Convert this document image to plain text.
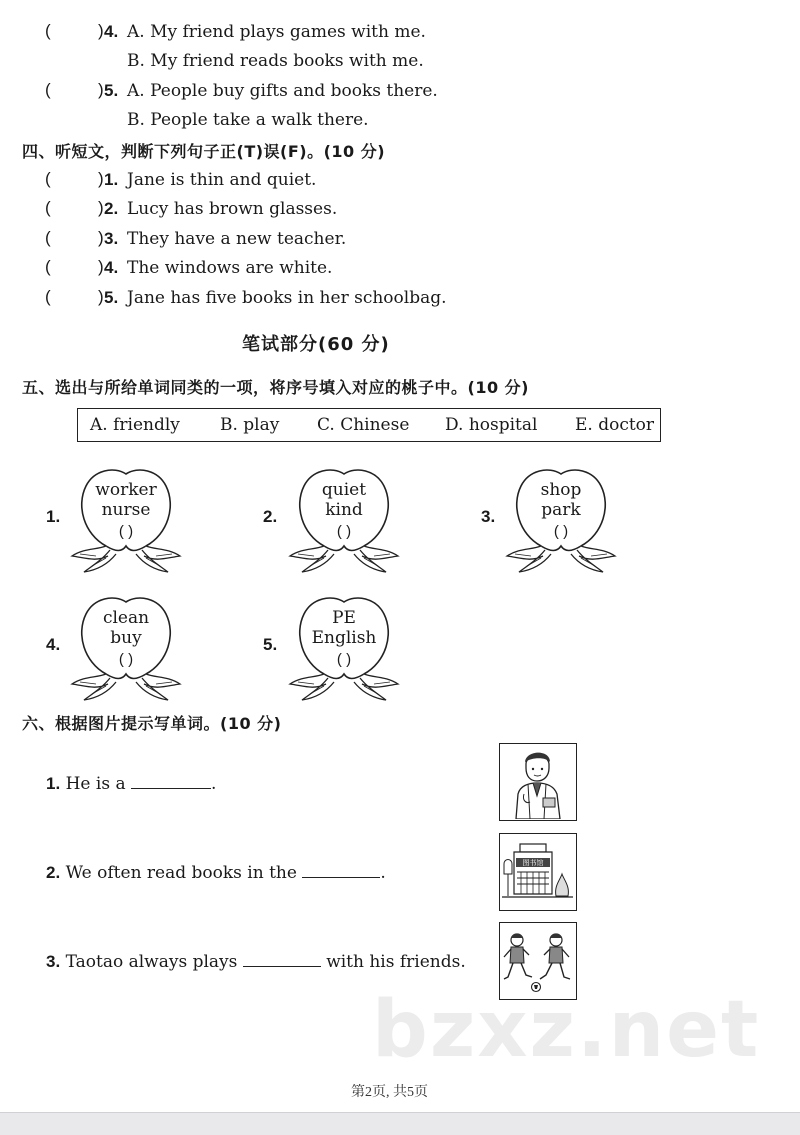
(	) 4. A. My friend plays games with me.
B. My friend reads books with me.
(	) 5. A. People buy gifts and books there.
B. People take a walk there.
四、听短文，判断下列句子正(T)误(F)。(10 分)
(	) 1. Jane is thin and quiet.
(	) 2. Lucy has brown glasses.
(	) 3. They have a new teacher.
(	) 4. The windows are white.
(	) 5. Jane has five books in her schoolbag.
笔试部分(60 分)
五、选出与所给单词同类的一项，将序号填入对应的桃子中。(10 分)
A. friendly B. play C. Chinese D. hospital E. doctor
1.
worker
nurse
( )
2.
quiet
kind
( )
3.
shop
park
( )
4.
clean
buy
( )
5.
PE
English
( )
六、根据图片提示写单词。(10 分)
1. He is a	.
2. We often read books in the	.
3. Taotao always plays	with his friends.
图书馆
bzxz.net
第2页, 共5页
